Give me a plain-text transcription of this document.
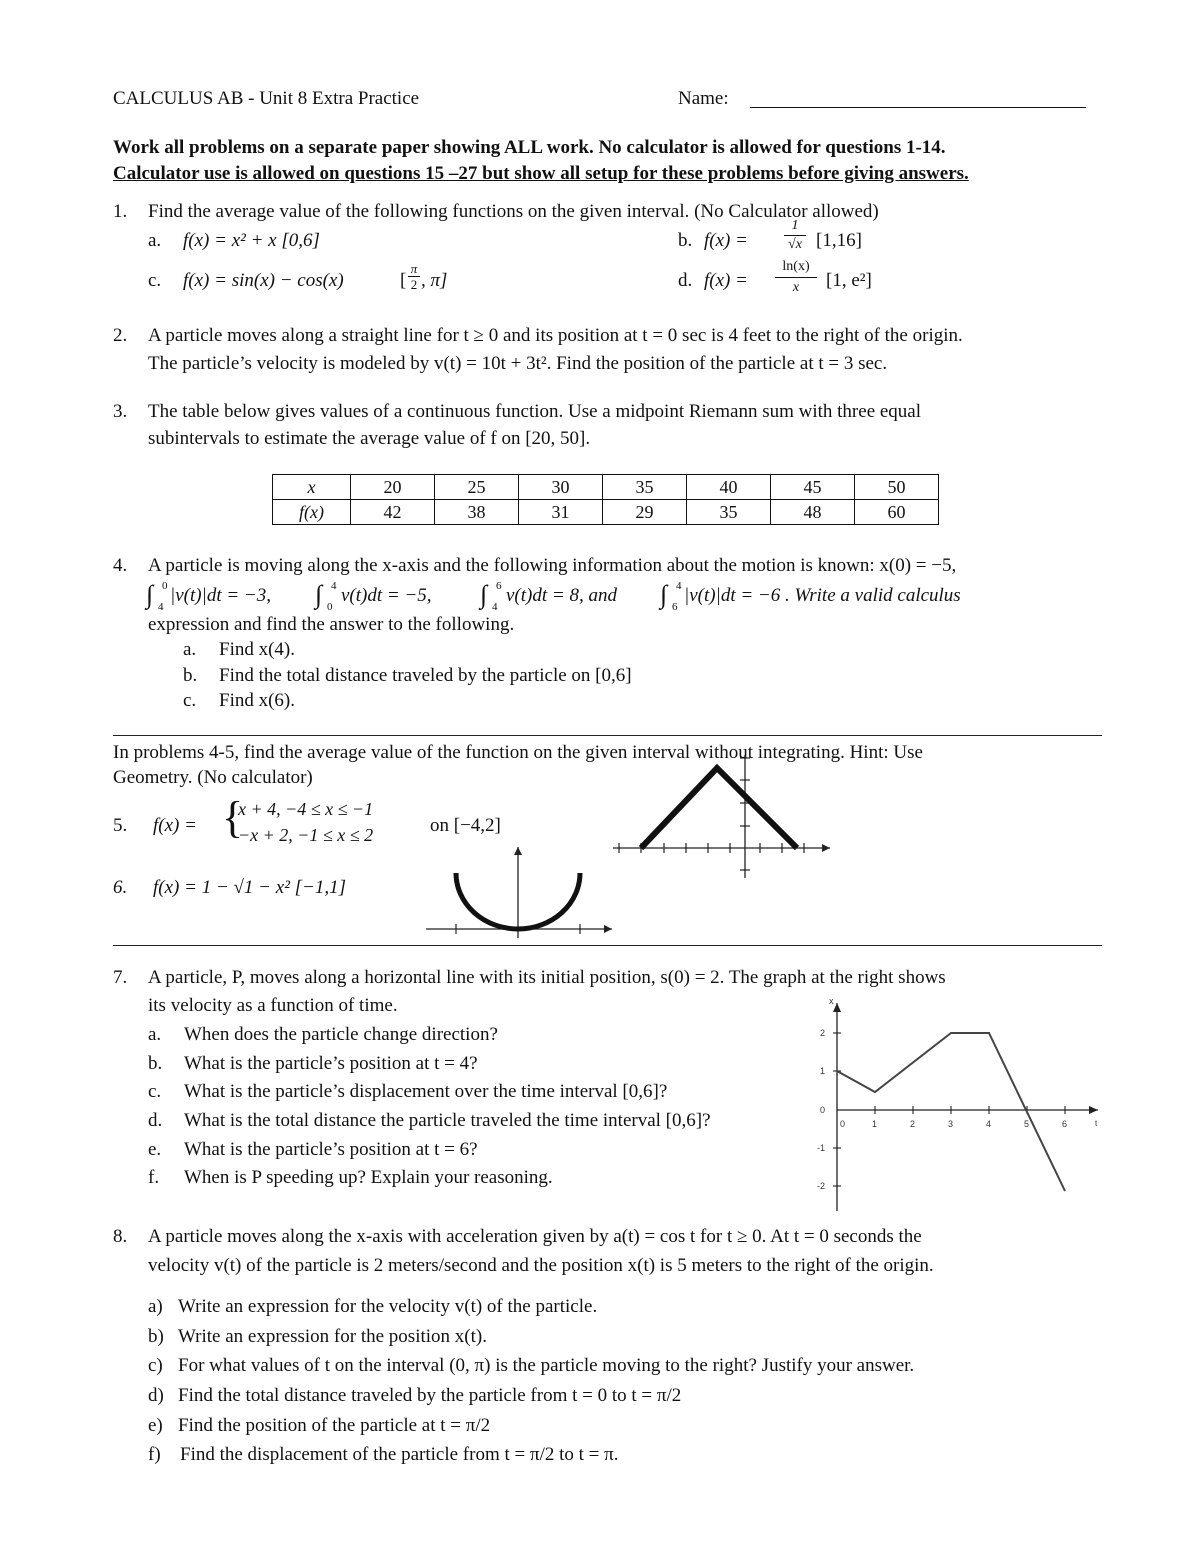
CALCULUS AB - Unit 8 Extra Practice	Name:
Work all problems on a separate paper showing ALL work. No calculator is allowed for questions 1-14.
Calculator use is allowed on questions 15 –27 but show all setup for these problems before giving answers.
1. Find the average value of the following functions on the given interval. (No Calculator allowed)
a. f(x) = x² + x [0,6]	b. f(x) =
1
√x [1,16]
c. f(x) = sin(x) − cos(x)	[
π
2 , π]	d. f(x) =
ln(x)
x	[1, e²]
2. A particle moves along a straight line for t ≥ 0 and its position at t = 0 sec is 4 feet to the right of the origin.
The particle’s velocity is modeled by v(t) = 10t + 3t². Find the position of the particle at t = 3 sec.
3. The table below gives values of a continuous function. Use a midpoint Riemann sum with three equal
subintervals to estimate the average value of f on [20, 50].
x	20	25	30	35	40	45	50
f(x)	42	38	31	29	35	48	60
4. A particle is moving along the x-axis and the following information about the motion is known: x(0) = −5,
∫ 0
4
|v(t)|dt = −3, ∫ 4
0
v(t)dt = −5, ∫ 6
4
v(t)dt = 8, and ∫ 4
6
|v(t)|dt = −6 . Write a valid calculus
expression and find the answer to the following.
a. Find x(4).
b. Find the total distance traveled by the particle on [0,6]
c. Find x(6).
In problems 4-5, find the average value of the function on the given interval without integrating. Hint: Use
Geometry. (No calculator)
5. f(x) = {
x + 4, −4 ≤ x ≤ −1
−x + 2, −1 ≤ x ≤ 2	on [−4,2]
6. f(x) = 1 − √1 − x² [−1,1]
7. A particle, P, moves along a horizontal line with its initial position, s(0) = 2. The graph at the right shows
its velocity as a function of time.
a. When does the particle change direction?
b. What is the particle’s position at t = 4?
c. What is the particle’s displacement over the time interval [0,6]?
d. What is the total distance the particle traveled the time interval [0,6]?
e. What is the particle’s position at t = 6?
f. When is P speeding up? Explain your reasoning.
x
t
2
1
0
-1
-2
0	1	2	3	4	5	6
8. A particle moves along the x-axis with acceleration given by a(t) = cos t for t ≥ 0. At t = 0 seconds the
velocity v(t) of the particle is 2 meters/second and the position x(t) is 5 meters to the right of the origin.
a) Write an expression for the velocity v(t) of the particle.
b) Write an expression for the position x(t).
c) For what values of t on the interval (0, π) is the particle moving to the right? Justify your answer.
d) Find the total distance traveled by the particle from t = 0 to t = π/2
e) Find the position of the particle at t = π/2
f) Find the displacement of the particle from t = π/2 to t = π.
